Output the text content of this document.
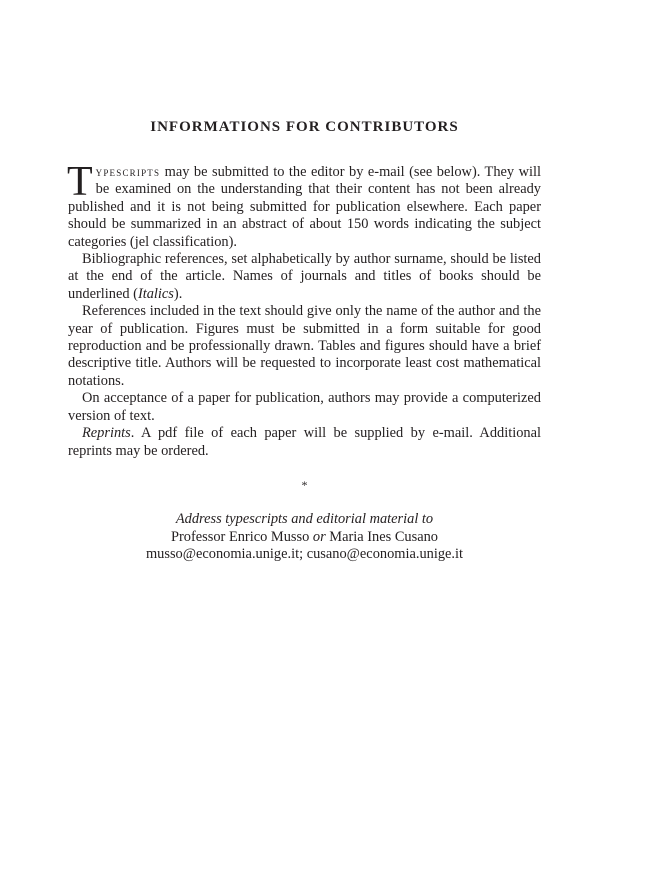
INFORMATIONS FOR CONTRIBUTORS

Typescripts may be submitted to the editor by e-mail (see below). They will be examined on the understanding that their content has not been already published and it is not being submitted for publication elsewhere. Each paper should be summarized in an abstract of about 150 words indicating the subject categories (jel classification).

Bibliographic references, set alphabetically by author surname, should be listed at the end of the article. Names of journals and titles of books should be underlined (Italics).

References included in the text should give only the name of the author and the year of publication. Figures must be submitted in a form suitable for good reproduction and be professionally drawn. Tables and figures should have a brief descriptive title. Authors will be requested to incorporate least cost mathematical notations.

On acceptance of a paper for publication, authors may provide a computerized version of text.

Reprints. A pdf file of each paper will be supplied by e-mail. Additional reprints may be ordered.

*
Address typescripts and editorial material to
Professor Enrico Musso or Maria Ines Cusano
musso@economia.unige.it; cusano@economia.unige.it
